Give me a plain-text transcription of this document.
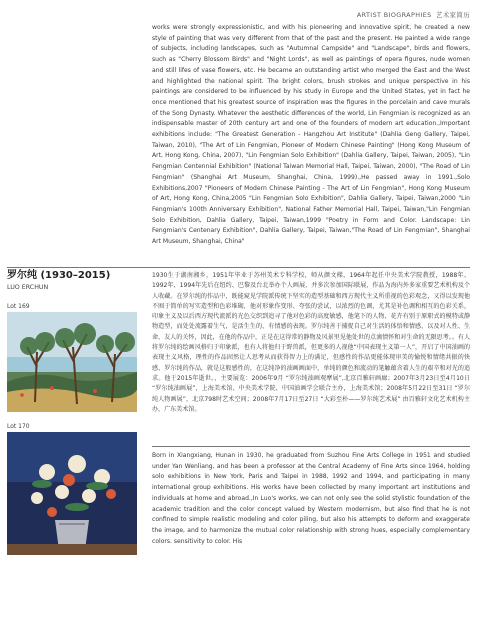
ARTIST BIOGRAPHIES 艺术家简历

works were strongly expressionistic, and with his pioneering and innovative spirit, he created a new style of painting that was very different from that of the past and the present. He painted a wide range of subjects, including landscapes, such as "Autumnal Campside" and "Landscape", birds and flowers, such as "Cherry Blossom Birds" and "Night Lords", as well as paintings of opera figures, nude women and still lifes of vase flowers, etc. He became an outstanding artist who merged the East and the West and highlighted the national spirit. The bright colors, brush strokes and unique perspective in his paintings are considered to be influenced by his study in Europe and the United States, yet in fact he once mentioned that his greatest source of inspiration was the figures in the porcelain and cave murals of the Song Dynasty. Whatever the aesthetic differences of the world, Lin Fengmian is recognized as an indispensable master of 20th century art and one of the founders of modern art education.,Important exhibitions include: "The Greatest Generation - Hangzhou Art Institute" (Dahlia Geng Gallery, Taipei, Taiwan, 2010), "The Art of Lin Fengmian, Pioneer of Modern Chinese Painting" (Hong Kong Museum of Art, Hong Kong, China, 2007), "Lin Fengmian Solo Exhibition" (Dahlia Gallery, Taipei, Taiwan, 2005), "Lin Fengmian Centennial Exhibition" (National Taiwan Memorial Hall, Taipei, Taiwan, 2000), "The Road of Lin Fengmian" (Shanghai Art Museum, Shanghai, China, 1999).,He passed away in 1991.,Solo Exhibitions,2007 "Pioneers of Modern Chinese Painting - The Art of Lin Fengmian", Hong Kong Museum of Art, Hong Kong, China,2005 "Lin Fengmian Solo Exhibition", Dahlia Gallery, Taipei, Taiwan,2000 "Lin Fengmian's 100th Anniversary Exhibition", National Father Memorial Hall, Taipei, Taiwan,"Lin Fengmian Solo Exhibition, Dahlia Gallery, Taipei, Taiwan,1999 "Poetry in Form and Color. Landscape: Lin Fengmian's Centenary Exhibition", Dahlia Gallery, Taipei, Taiwan,"The Road of Lin Fengmian", Shanghai Art Museum, Shanghai, China"

罗尔纯 (1930–2015)

LUO ERCHUN

Lot 169
Lot 170

1930生于湖南湘乡，1951年毕业于苏州美术专科学校，师从颜文樑，1964年起任中央美术学院教授，1988年、1992年、1994年先后在纽约、巴黎及台北举办个人画展，并多次参加国际联展，作品为海内外多家重要艺术机构及个人收藏。在罗尔纯的作品中，既能窥见学院派传统下坚实的造型基础和西方现代主义所重视的色彩观念，又得以发现他不囿于简单的写实造型和色彩堆砌，他对形象作变形、夸张的尝试，以浓烈的色调，尤其是补色调和相互的色彩关系，印象主义及以后西方现代流派的光色交织到追寻了他对色彩的高度敏感，他笔下的人物、花卉有别于原职式的模特或静物造型，而处处流露着生气，是活生生的，有情感的表现。罗尔纯善于捕捉自己对生活的体悟和情感，以及对人性、生命、友人的关怀，因此，在他的作品中，正是在这得常的静物及风景里见他处世的点滴情怀和对生命的无限思考。。有人将罗尔纯的绘画风格归于印象派，也有人将他归于野兽派，但更多的人视他“中国表现主义第一人”，开启了中国油画的表现主义风格，理性的作品固然让人思考从而获得智力上的满足，但感性的作品更能体现审美的愉悦和情绪共振的快感，罗尔纯的作品，就是这般感性的，在这纯净的油画画面中，单纯的颜色和流动的笔触蕴含着人生的艰辛和对光的追求。他于2015年逝世。，主要展览：2006年9月 “罗尔纯油画观摩展”,北京百雅轩画廊；2007年3月23日至4月10日 “罗尔纯油画展”，上海美术馆、中央美术学院、中国油画学会联合主办，上海美术馆；2008年5月22日至31日 “罗尔纯人物画展”，北京798时艺术空间；2008年7月17日至27日 “大彩至朴——罗尔纯艺术展” 由百雅轩文化艺术机构主办，广东美术馆。

Born in Xiangxiang, Hunan in 1930, he graduated from Suzhou Fine Arts College in 1951 and studied under Yan Wenliang, and has been a professor at the Central Academy of Fine Arts since 1964, holding solo exhibitions in New York, Paris and Taipei in 1988, 1992 and 1994, and participating in many international group exhibitions. His works have been collected by many important art institutions and individuals at home and abroad.,In Luo's works, we can not only see the solid stylistic foundation of the academic tradition and the color concept valued by Western modernism, but also find that he is not confined to simple realistic modeling and color piling, but also his attempts to deform and exaggerate the image, and to harmonize the mutual color relationship with strong hues, especially complementary colors. sensitivity to color. His
